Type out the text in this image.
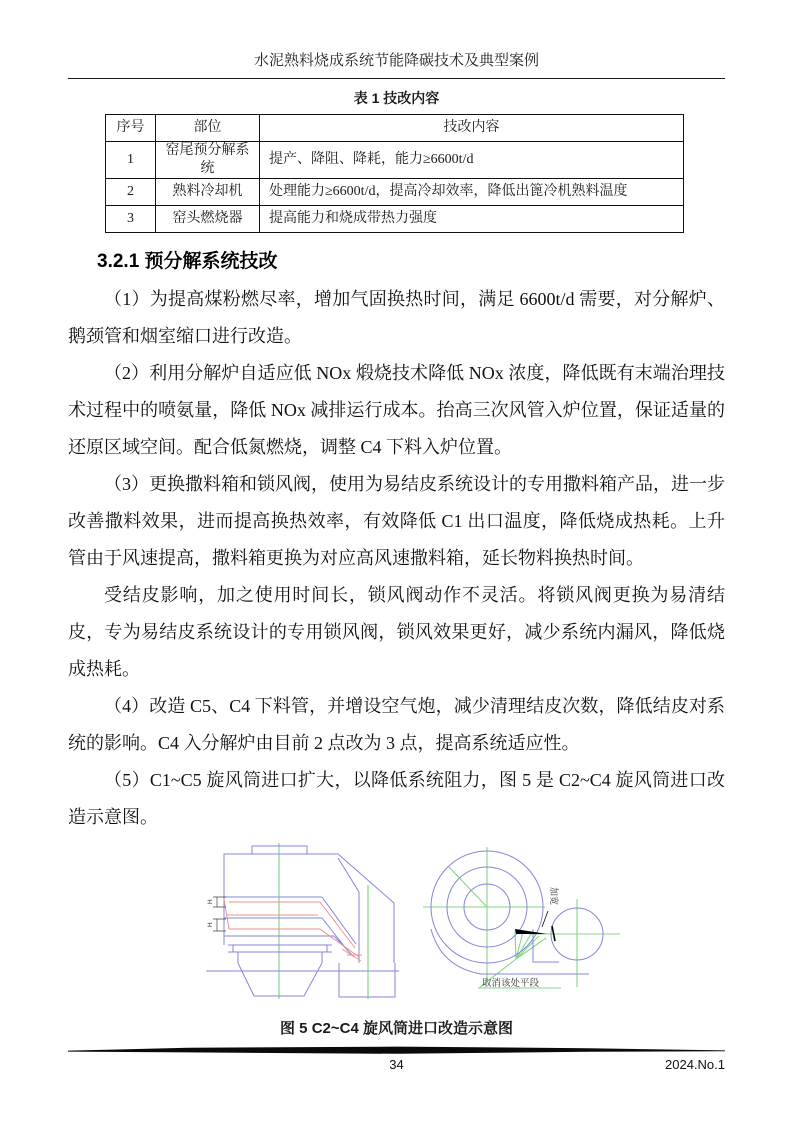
水泥熟料烧成系统节能降碳技术及典型案例
表 1 技改内容
序号	部位	技改内容
1	窑尾预分解系统	提产、降阻、降耗，能力≥6600t/d
2	熟料冷却机	处理能力≥6600t/d，提高冷却效率，降低出篦冷机熟料温度
3	窑头燃烧器	提高能力和烧成带热力强度
3.2.1 预分解系统技改

（1）为提高煤粉燃尽率，增加气固换热时间，满足 6600t/d 需要，对分解炉、鹅颈管和烟室缩口进行改造。

（2）利用分解炉自适应低 NOx 煅烧技术降低 NOx 浓度，降低既有末端治理技术过程中的喷氨量，降低 NOx 减排运行成本。抬高三次风管入炉位置，保证适量的还原区域空间。配合低氮燃烧，调整 C4 下料入炉位置。

（3）更换撒料箱和锁风阀，使用为易结皮系统设计的专用撒料箱产品，进一步改善撒料效果，进而提高换热效率，有效降低 C1 出口温度，降低烧成热耗。上升管由于风速提高，撒料箱更换为对应高风速撒料箱，延长物料换热时间。

受结皮影响，加之使用时间长，锁风阀动作不灵活。将锁风阀更换为易清结皮，专为易结皮系统设计的专用锁风阀，锁风效果更好，减少系统内漏风，降低烧成热耗。

（4）改造 C5、C4 下料管，并增设空气炮，减少清理结皮次数，降低结皮对系统的影响。C4 入分解炉由目前 2 点改为 3 点，提高系统适应性。

（5）C1~C5 旋风筒进口扩大，以降低系统阻力，图 5 是 C2~C4 旋风筒进口改造示意图。

H
H
加宽
取消该处平段
图 5 C2~C4 旋风筒进口改造示意图
34	2024.No.1
